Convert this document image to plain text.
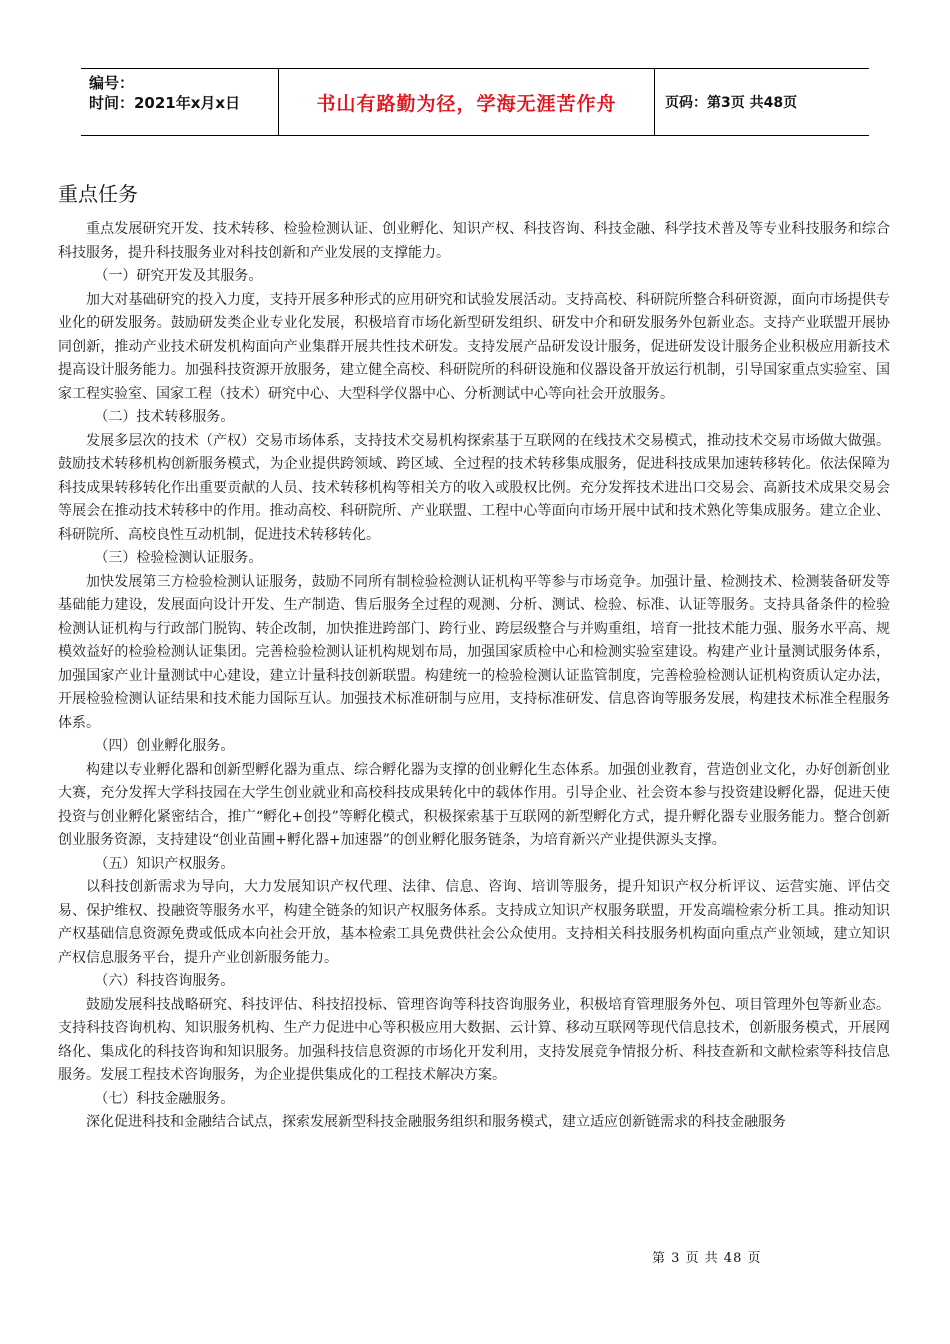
编号：
时间：2021年x月x日	书山有路勤为径，学海无涯苦作舟	页码：第3页 共48页
重点任务

重点发展研究开发、技术转移、检验检测认证、创业孵化、知识产权、科技咨询、科技金融、科学技术普及等专业科技服务和综合科技服务，提升科技服务业对科技创新和产业发展的支撑能力。

（一）研究开发及其服务。

加大对基础研究的投入力度，支持开展多种形式的应用研究和试验发展活动。支持高校、科研院所整合科研资源，面向市场提供专业化的研发服务。鼓励研发类企业专业化发展，积极培育市场化新型研发组织、研发中介和研发服务外包新业态。支持产业联盟开展协同创新，推动产业技术研发机构面向产业集群开展共性技术研发。支持发展产品研发设计服务，促进研发设计服务企业积极应用新技术提高设计服务能力。加强科技资源开放服务，建立健全高校、科研院所的科研设施和仪器设备开放运行机制，引导国家重点实验室、国家工程实验室、国家工程（技术）研究中心、大型科学仪器中心、分析测试中心等向社会开放服务。

（二）技术转移服务。

发展多层次的技术（产权）交易市场体系，支持技术交易机构探索基于互联网的在线技术交易模式，推动技术交易市场做大做强。鼓励技术转移机构创新服务模式，为企业提供跨领域、跨区域、全过程的技术转移集成服务，促进科技成果加速转移转化。依法保障为科技成果转移转化作出重要贡献的人员、技术转移机构等相关方的收入或股权比例。充分发挥技术进出口交易会、高新技术成果交易会等展会在推动技术转移中的作用。推动高校、科研院所、产业联盟、工程中心等面向市场开展中试和技术熟化等集成服务。建立企业、科研院所、高校良性互动机制，促进技术转移转化。

（三）检验检测认证服务。

加快发展第三方检验检测认证服务，鼓励不同所有制检验检测认证机构平等参与市场竞争。加强计量、检测技术、检测装备研发等基础能力建设，发展面向设计开发、生产制造、售后服务全过程的观测、分析、测试、检验、标准、认证等服务。支持具备条件的检验检测认证机构与行政部门脱钩、转企改制，加快推进跨部门、跨行业、跨层级整合与并购重组，培育一批技术能力强、服务水平高、规模效益好的检验检测认证集团。完善检验检测认证机构规划布局，加强国家质检中心和检测实验室建设。构建产业计量测试服务体系，加强国家产业计量测试中心建设，建立计量科技创新联盟。构建统一的检验检测认证监管制度，完善检验检测认证机构资质认定办法，开展检验检测认证结果和技术能力国际互认。加强技术标准研制与应用，支持标准研发、信息咨询等服务发展，构建技术标准全程服务体系。

（四）创业孵化服务。

构建以专业孵化器和创新型孵化器为重点、综合孵化器为支撑的创业孵化生态体系。加强创业教育，营造创业文化，办好创新创业大赛，充分发挥大学科技园在大学生创业就业和高校科技成果转化中的载体作用。引导企业、社会资本参与投资建设孵化器，促进天使投资与创业孵化紧密结合，推广“孵化+创投”等孵化模式，积极探索基于互联网的新型孵化方式，提升孵化器专业服务能力。整合创新创业服务资源，支持建设“创业苗圃+孵化器+加速器”的创业孵化服务链条，为培育新兴产业提供源头支撑。

（五）知识产权服务。

以科技创新需求为导向，大力发展知识产权代理、法律、信息、咨询、培训等服务，提升知识产权分析评议、运营实施、评估交易、保护维权、投融资等服务水平，构建全链条的知识产权服务体系。支持成立知识产权服务联盟，开发高端检索分析工具。推动知识产权基础信息资源免费或低成本向社会开放，基本检索工具免费供社会公众使用。支持相关科技服务机构面向重点产业领域，建立知识产权信息服务平台，提升产业创新服务能力。

（六）科技咨询服务。

鼓励发展科技战略研究、科技评估、科技招投标、管理咨询等科技咨询服务业，积极培育管理服务外包、项目管理外包等新业态。支持科技咨询机构、知识服务机构、生产力促进中心等积极应用大数据、云计算、移动互联网等现代信息技术，创新服务模式，开展网络化、集成化的科技咨询和知识服务。加强科技信息资源的市场化开发利用，支持发展竞争情报分析、科技查新和文献检索等科技信息服务。发展工程技术咨询服务，为企业提供集成化的工程技术解决方案。

（七）科技金融服务。

深化促进科技和金融结合试点，探索发展新型科技金融服务组织和服务模式，建立适应创新链需求的科技金融服务

第 3 页 共 48 页
